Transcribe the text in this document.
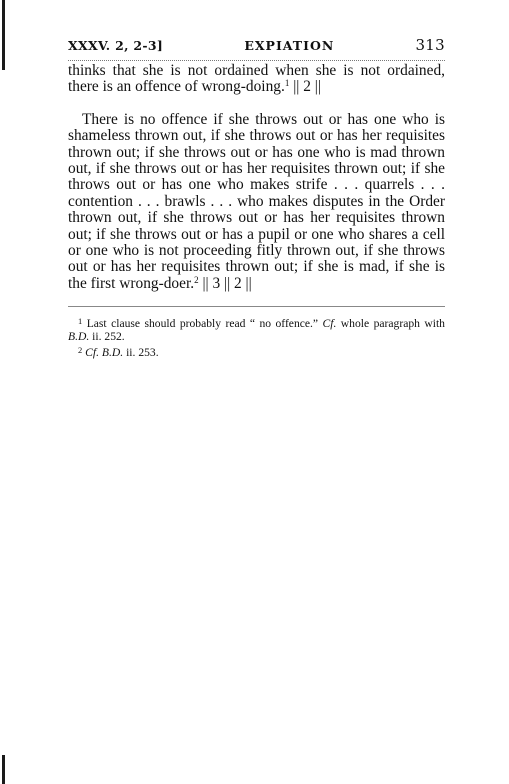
XXXV. 2, 2-3]	EXPIATION	313

thinks that she is not ordained when she is not ordained, there is an offence of wrong-doing.$^1$ || 2 ||

There is no offence if she throws out or has one who is shameless thrown out, if she throws out or has her requisites thrown out; if she throws out or has one who is mad thrown out, if she throws out or has her requisites thrown out; if she throws out or has one who makes strife . . . quarrels . . . contention . . . brawls . . . who makes disputes in the Order thrown out, if she throws out or has her requisites thrown out; if she throws out or has a pupil or one who shares a cell or one who is not proceeding fitly thrown out, if she throws out or has her requisites thrown out; if she is mad, if she is the first wrong-doer.$^2$ || 3 || 2 ||

$^1$ Last clause should probably read “ no offence.” Cf. whole paragraph with B.D. ii. 252.

$^2$ Cf. B.D. ii. 253.
